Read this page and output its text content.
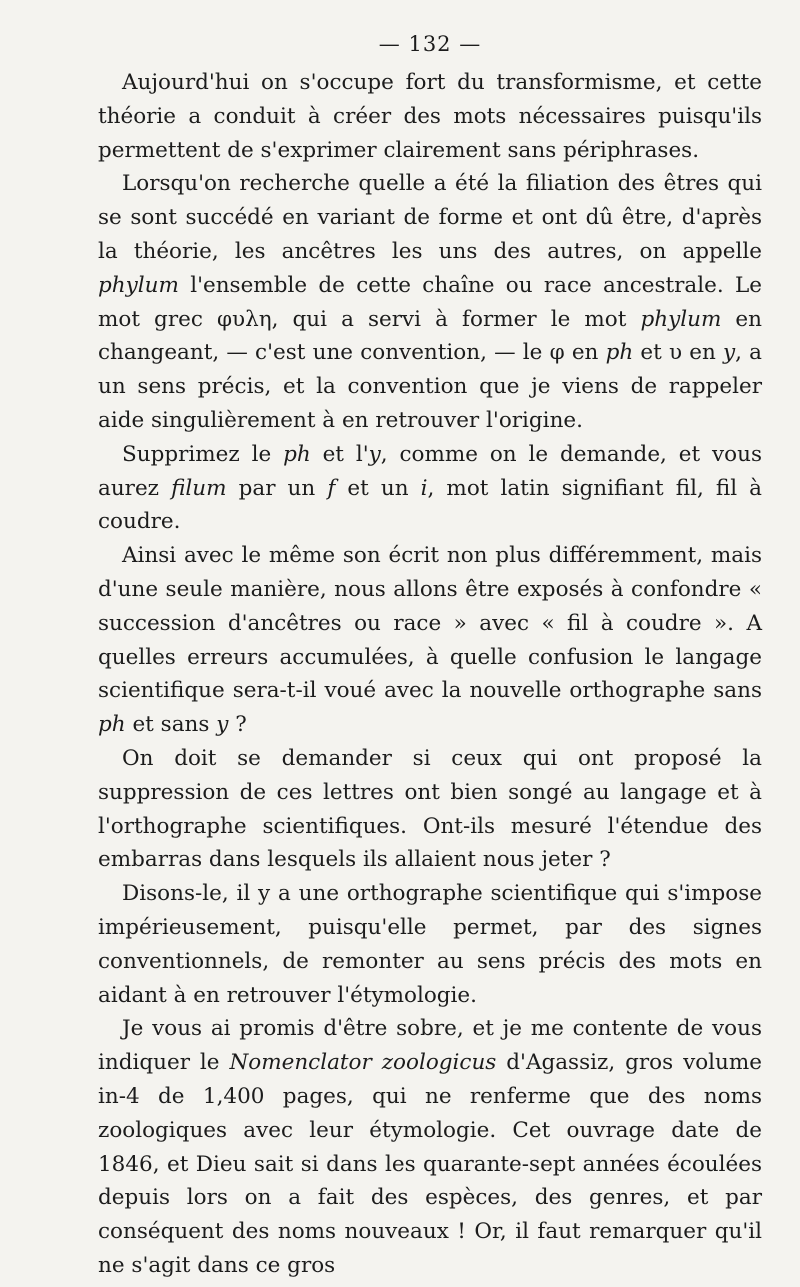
— 132 —

Aujourd'hui on s'occupe fort du transformisme, et cette théorie a conduit à créer des mots nécessaires puisqu'ils permettent de s'exprimer clairement sans périphrases.

Lorsqu'on recherche quelle a été la filiation des êtres qui se sont succédé en variant de forme et ont dû être, d'après la théorie, les ancêtres les uns des autres, on appelle phylum l'ensemble de cette chaîne ou race ancestrale. Le mot grec φυλη, qui a servi à former le mot phylum en changeant, — c'est une convention, — le φ en ph et υ en y, a un sens précis, et la convention que je viens de rappeler aide singulièrement à en retrouver l'origine.

Supprimez le ph et l'y, comme on le demande, et vous aurez filum par un f et un i, mot latin signifiant fil, fil à coudre.

Ainsi avec le même son écrit non plus différemment, mais d'une seule manière, nous allons être exposés à confondre « succession d'ancêtres ou race » avec « fil à coudre ». A quelles erreurs accumulées, à quelle confusion le langage scientifique sera-t-il voué avec la nouvelle orthographe sans ph et sans y ?

On doit se demander si ceux qui ont proposé la suppression de ces lettres ont bien songé au langage et à l'orthographe scientifiques. Ont-ils mesuré l'étendue des embarras dans lesquels ils allaient nous jeter ?

Disons-le, il y a une orthographe scientifique qui s'impose impérieusement, puisqu'elle permet, par des signes conventionnels, de remonter au sens précis des mots en aidant à en retrouver l'étymologie.

Je vous ai promis d'être sobre, et je me contente de vous indiquer le Nomenclator zoologicus d'Agassiz, gros volume in-4 de 1,400 pages, qui ne renferme que des noms zoologiques avec leur étymologie. Cet ouvrage date de 1846, et Dieu sait si dans les quarante-sept années écoulées depuis lors on a fait des espèces, des genres, et par conséquent des noms nouveaux ! Or, il faut remarquer qu'il ne s'agit dans ce gros
